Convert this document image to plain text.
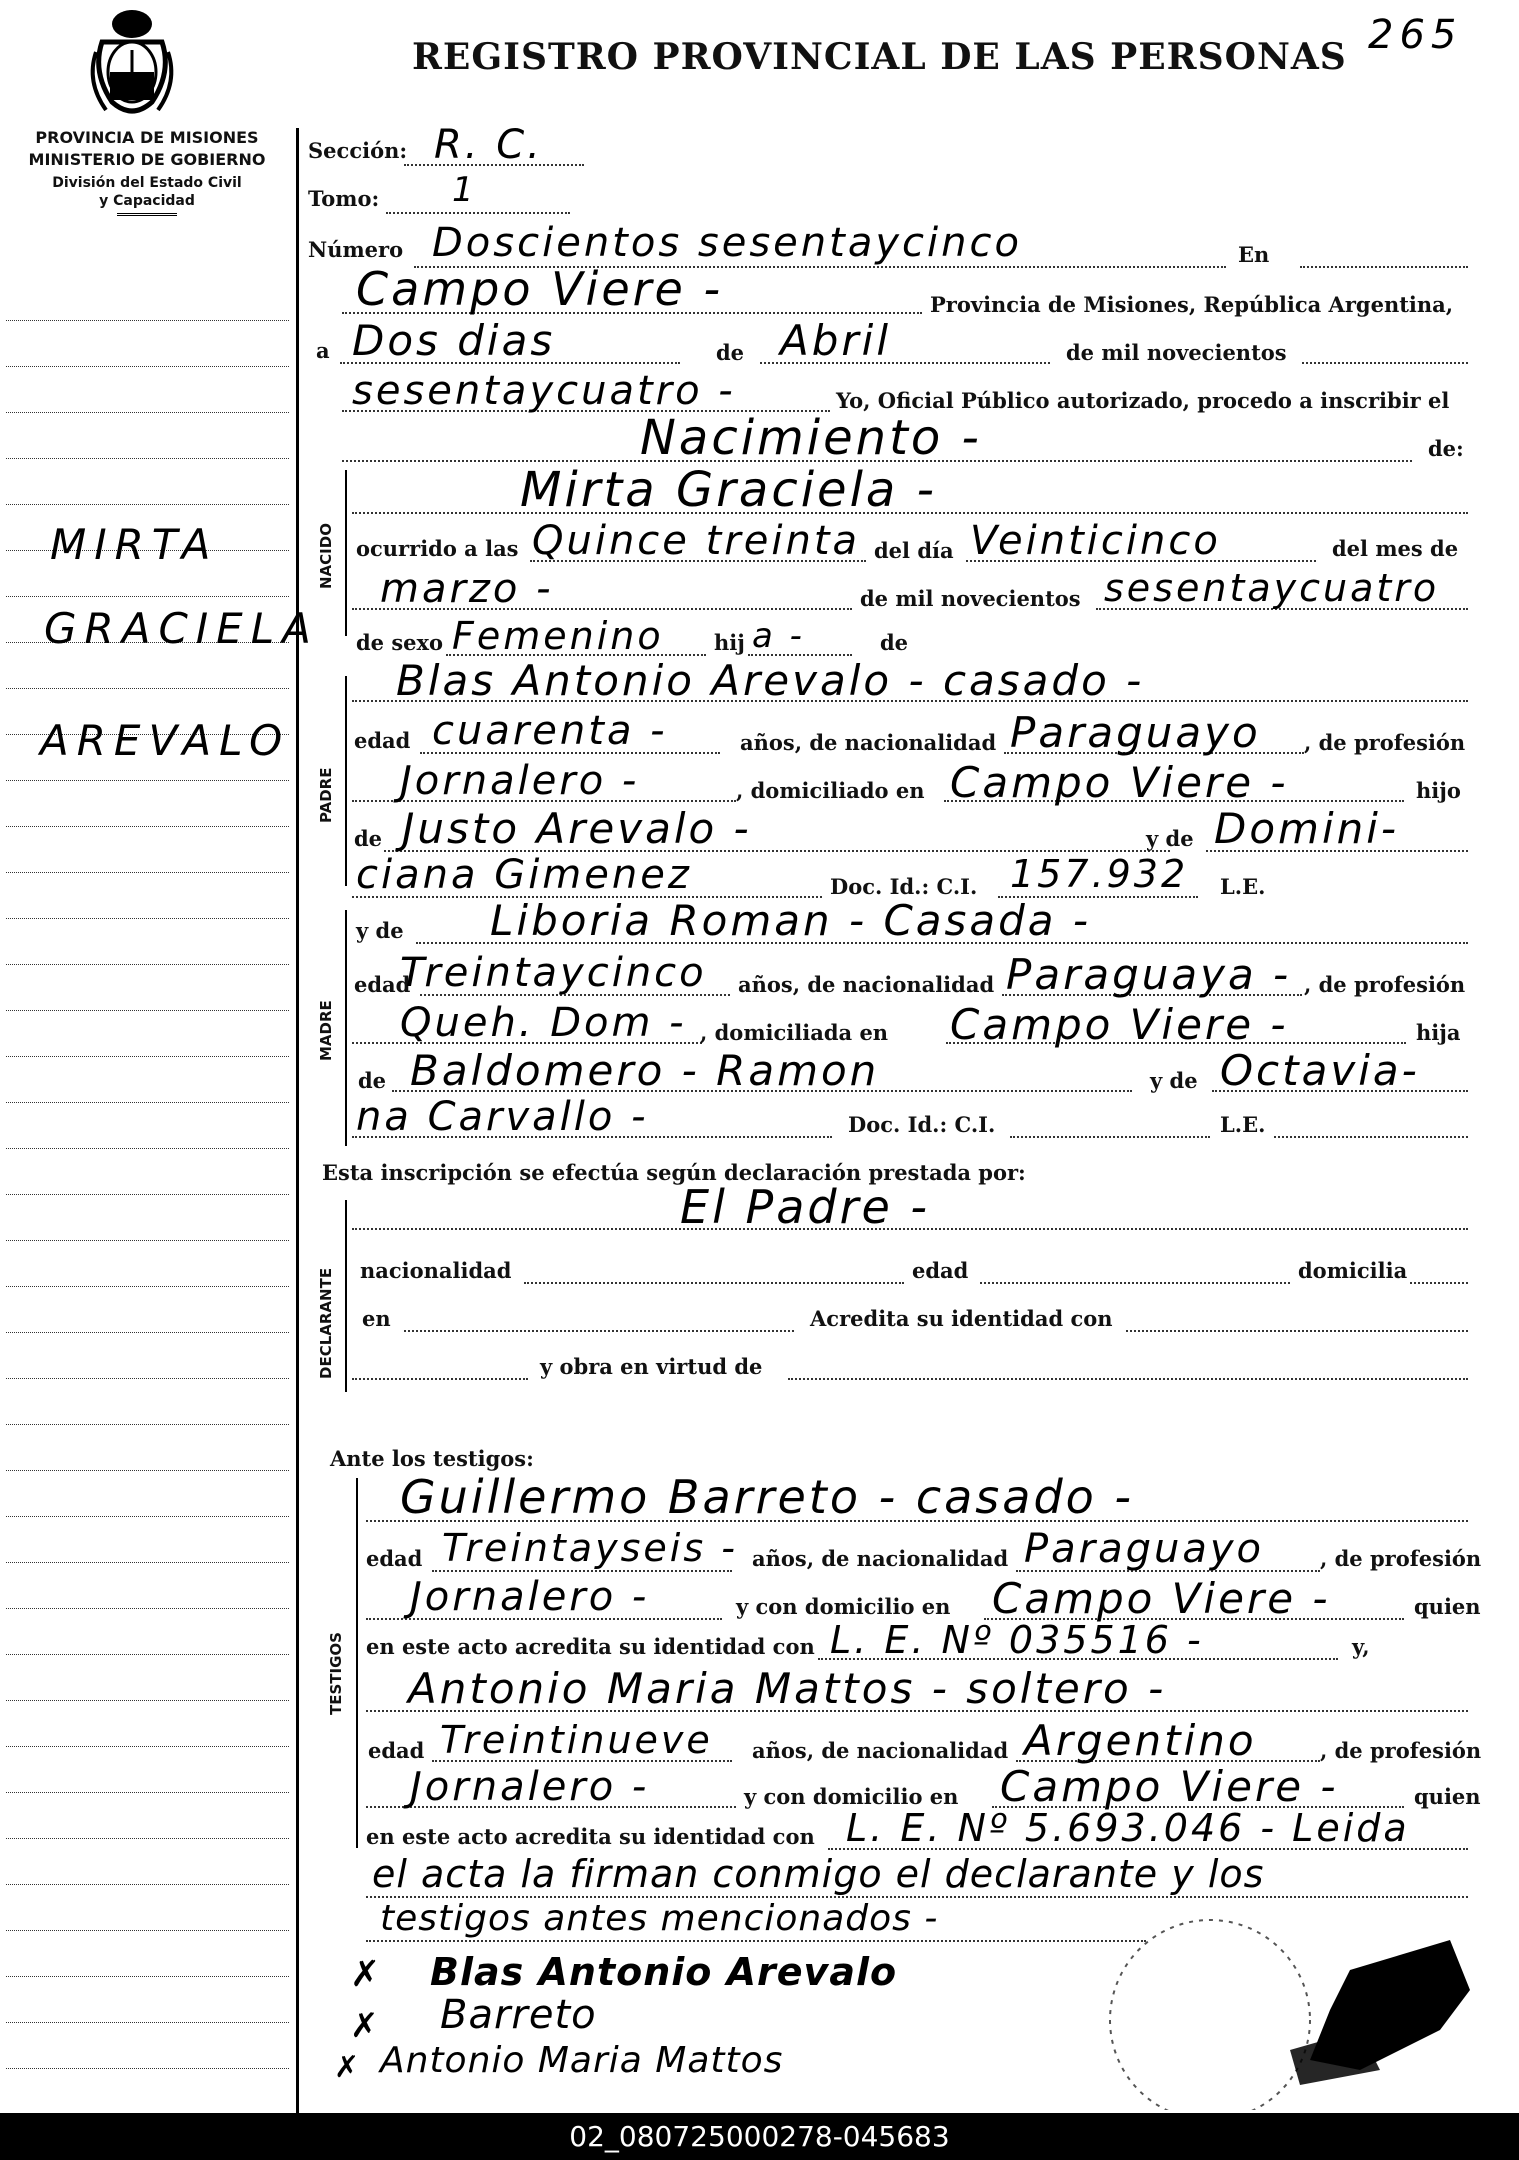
REGISTRO PROVINCIAL DE LAS PERSONAS 265
PROVINCIA DE MISIONES
MINISTERIO DE GOBIERNO
División del Estado Civil
y Capacidad
MIRTA
GRACIELA
AREVALO
Sección: R. C.
Tomo: 1
Número Doscientos sesentaycinco	En
Campo Viere -	Provincia de Misiones, República Argentina,
a Dos dias	de Abril	de mil novecientos
sesentaycuatro -	Yo, Oficial Público autorizado, procedo a inscribir el
Nacimiento -	de:
NACIDO
Mirta Graciela -
ocurrido a las Quince treinta del día Veinticinco	del mes de
marzo -	de mil novecientos sesentaycuatro
de sexo Femenino hij a -	de
PADRE
Blas Antonio Arevalo - casado -
edad cuarenta -	años, de nacionalidad Paraguayo , de profesión
Jornalero -	, domiciliado en Campo Viere -	hijo
de Justo Arevalo -	y de Domini-
ciana Gimenez	Doc. Id.: C.I. 157.932 L.E.
MADRE
y de Liboria Roman - Casada -
edad
Treintaycinco años, de nacionalidad Paraguaya - , de profesión
Queh. Dom - , domiciliada en Campo Viere -	hija
de Baldomero - Ramon	y de Octavia-
na Carvallo -	Doc. Id.: C.I.	L.E.
Esta inscripción se efectúa según declaración prestada por:
El Padre -
DECLARANTE nacionalidad	edad	domicilia
en	Acredita su identidad con
y obra en virtud de
Ante los testigos:
TESTIGOS
Guillermo Barreto - casado -
edad Treintayseis - años, de nacionalidad Paraguayo	, de profesión
Jornalero -	y con domicilio en Campo Viere -	quien
en este acto acredita su identidad con L. E. Nº 035516 -	y,
Antonio Maria Mattos - soltero -
edad Treintinueve años, de nacionalidad Argentino	, de profesión
Jornalero -	y con domicilio en Campo Viere -	quien
en este acto acredita su identidad con L. E. Nº 5.693.046 - Leida
el acta la firman conmigo el declarante y los
testigos antes mencionados -
✗ Blas Antonio Arevalo
✗ Barreto
✗ Antonio Maria Mattos
02_080725000278-045683
